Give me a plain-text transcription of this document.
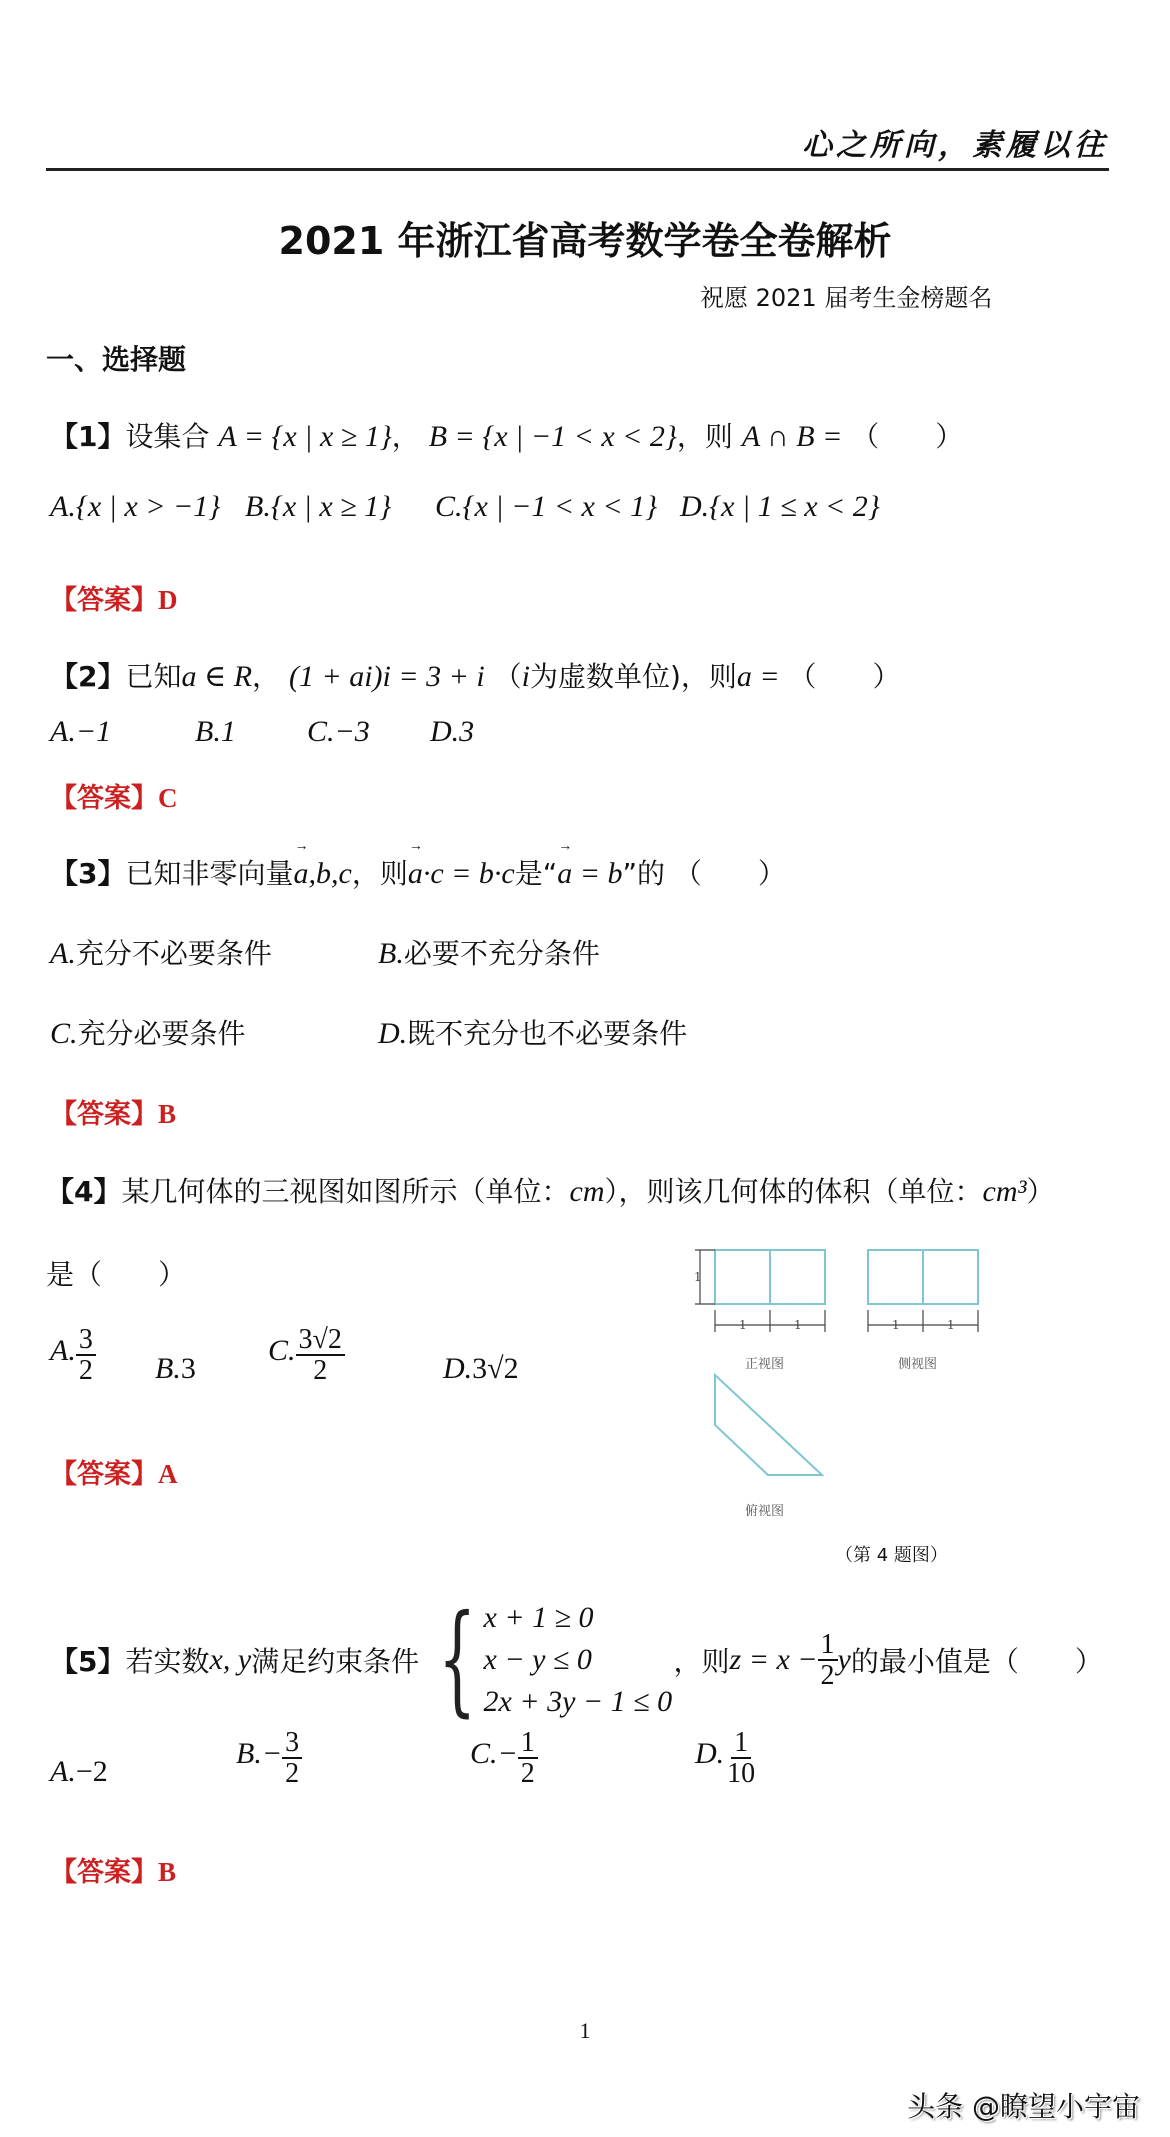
心之所向，素履以往
2021 年浙江省高考数学卷全卷解析
祝愿 2021 届考生金榜题名
一、选择题
【1】设集合 A = {x | x ≥ 1}， B = {x | −1 < x < 2}，则 A ∩ B = （　　）
A.{x | x > −1} B.{x | x ≥ 1} C.{x | −1 < x < 1} D.{x | 1 ≤ x < 2}
【答案】D
【2】已知a ∈ R， (1 + ai)i = 3 + i （i为虚数单位)，则a = （　　）
A.−1	B.1 C.−3 D.3
【答案】C
【3】已知非零向量→ a,b,c，则→ a·c = b·c是“→ a = b”的 （　　）
A.充分不必要条件	B.必要不充分条件
C.充分必要条件	D.既不充分也不必要条件
【答案】B
【4】某几何体的三视图如图所示（单位：cm），则该几何体的体积（单位：cm³）
是（　　）
A. $\frac{3}{2} B.3$
C. $\frac{3√2}{2}$	D.3√2
【答案】A
1
1	1	1	1
正视图	侧视图
俯视图
（第 4 题图）
【5】 若实数 x, y 满足约束条件 { x + 1 ≥ 0
x − y ≤ 0
2x + 3y − 1 ≤ 0
，则 $z = x - \frac{1}{2}$ y 的最小值是（　　）
A.−2
$B.- \frac{3}{2}$	$C.- \frac{1}{2}$	D. $\frac{1}{10}$
【答案】B
1
头条 @瞭望小宇宙
